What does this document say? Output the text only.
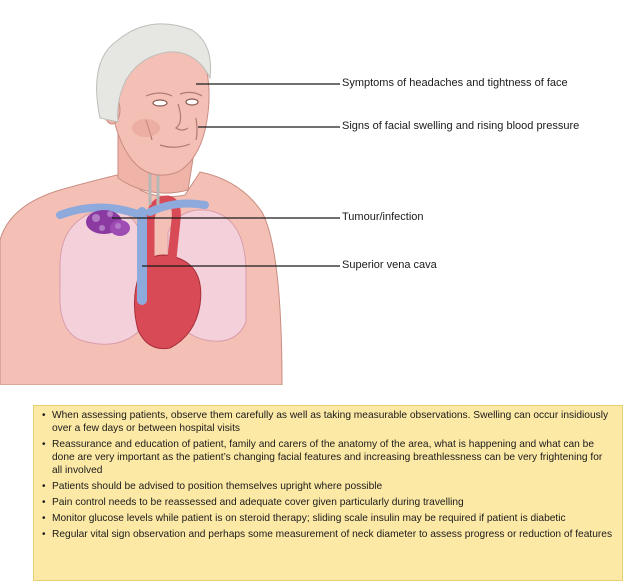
Symptoms of headaches and tightness of face
Signs of facial swelling and rising blood pressure
Tumour/infection
Superior vena cava
• When assessing patients, observe them carefully as well as taking measurable observations. Swelling can occur insidiously over a few days or between hospital visits
• Reassurance and education of patient, family and carers of the anatomy of the area, what is happening and what can be done are very important as the patient’s changing facial features and increasing breathlessness can be very frightening for all involved
• Patients should be advised to position themselves upright where possible
• Pain control needs to be reassessed and adequate cover given particularly during travelling
• Monitor glucose levels while patient is on steroid therapy; sliding scale insulin may be required if patient is diabetic
• Regular vital sign observation and perhaps some measurement of neck diameter to assess progress or reduction of features
